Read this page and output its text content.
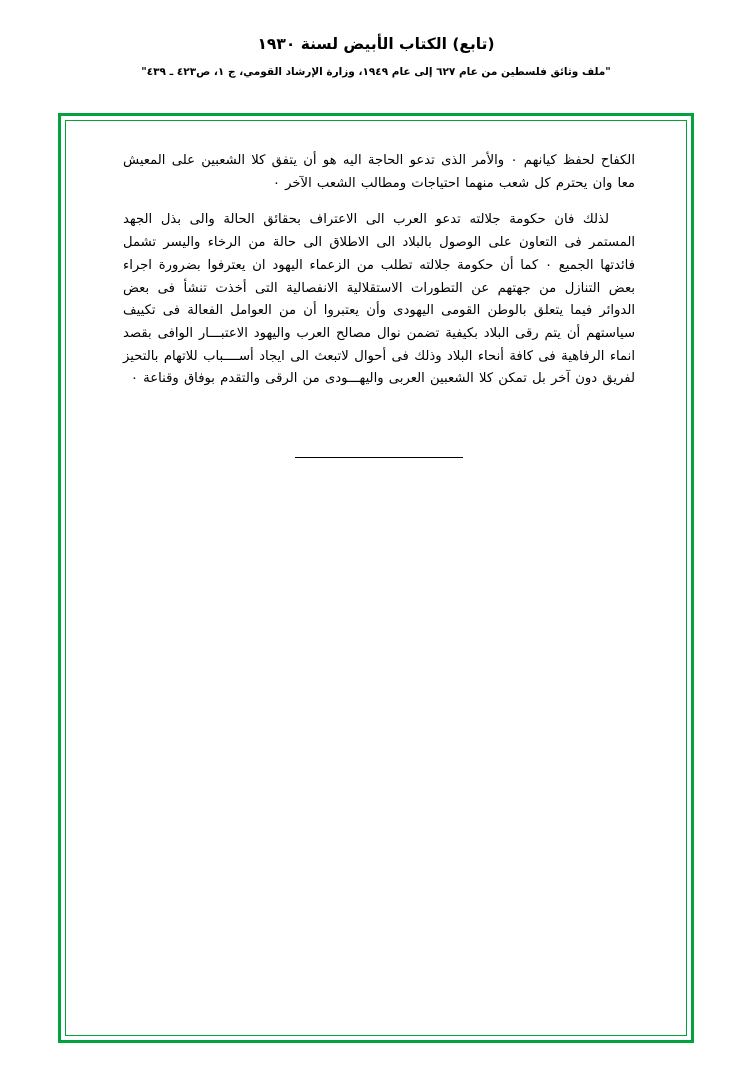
(تابع) الكتاب الأبيض لسنة ١٩٣٠
"ملف وثائق فلسطين من عام ٦٢٧ إلى عام ١٩٤٩، وزارة الإرشاد القومي، ج ١، ص٤٢٣ ـ ٤٣٩"

الكفاح لحفظ كيانهم ٠ والأمر الذى تدعو الحاجة اليه هو أن يتفق كلا الشعبين على المعيش معا وان يحترم كل شعب منهما احتياجات ومطالب الشعب الآخر ٠

لذلك فان حكومة جلالته تدعو العرب الى الاعتراف بحقائق الحالة والى بذل الجهد المستمر فى التعاون على الوصول بالبلاد الى الاطلاق الى حالة من الرخاء واليسر تشمل فائدتها الجميع ٠ كما أن حكومة جلالته تطلب من الزعماء اليهود ان يعترفوا بضرورة اجراء بعض التنازل من جهتهم عن التطورات الاستقلالية الانفصالية التى أخذت تنشأ فى بعض الدوائر فيما يتعلق بالوطن القومى اليهودى وأن يعتبروا أن من العوامل الفعالة فى تكييف سياستهم أن يتم رقى البلاد بكيفية تضمن نوال مصالح العرب واليهود الاعتبـــار الوافى بقصد انماء الرفاهية فى كافة أنحاء البلاد وذلك فى أحوال لاتبعث الى ايجاد أســــباب للاتهام بالتحيز لفريق دون آخر بل تمكن كلا الشعبين العربى واليهـــودى من الرقى والتقدم بوفاق وقناعة ٠
